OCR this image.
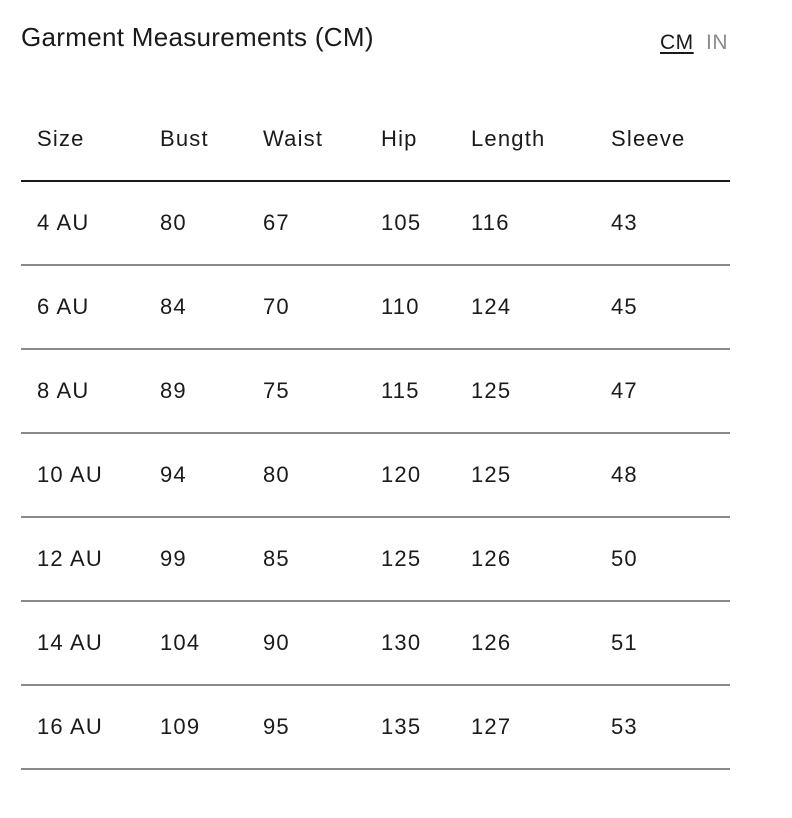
Garment Measurements (CM)	CM IN
Size	Bust	Waist	Hip	Length	Sleeve
4 AU	80	67	105	116	43
6 AU	84	70	110	124	45
8 AU	89	75	115	125	47
10 AU	94	80	120	125	48
12 AU	99	85	125	126	50
14 AU	104	90	130	126	51
16 AU	109	95	135	127	53
